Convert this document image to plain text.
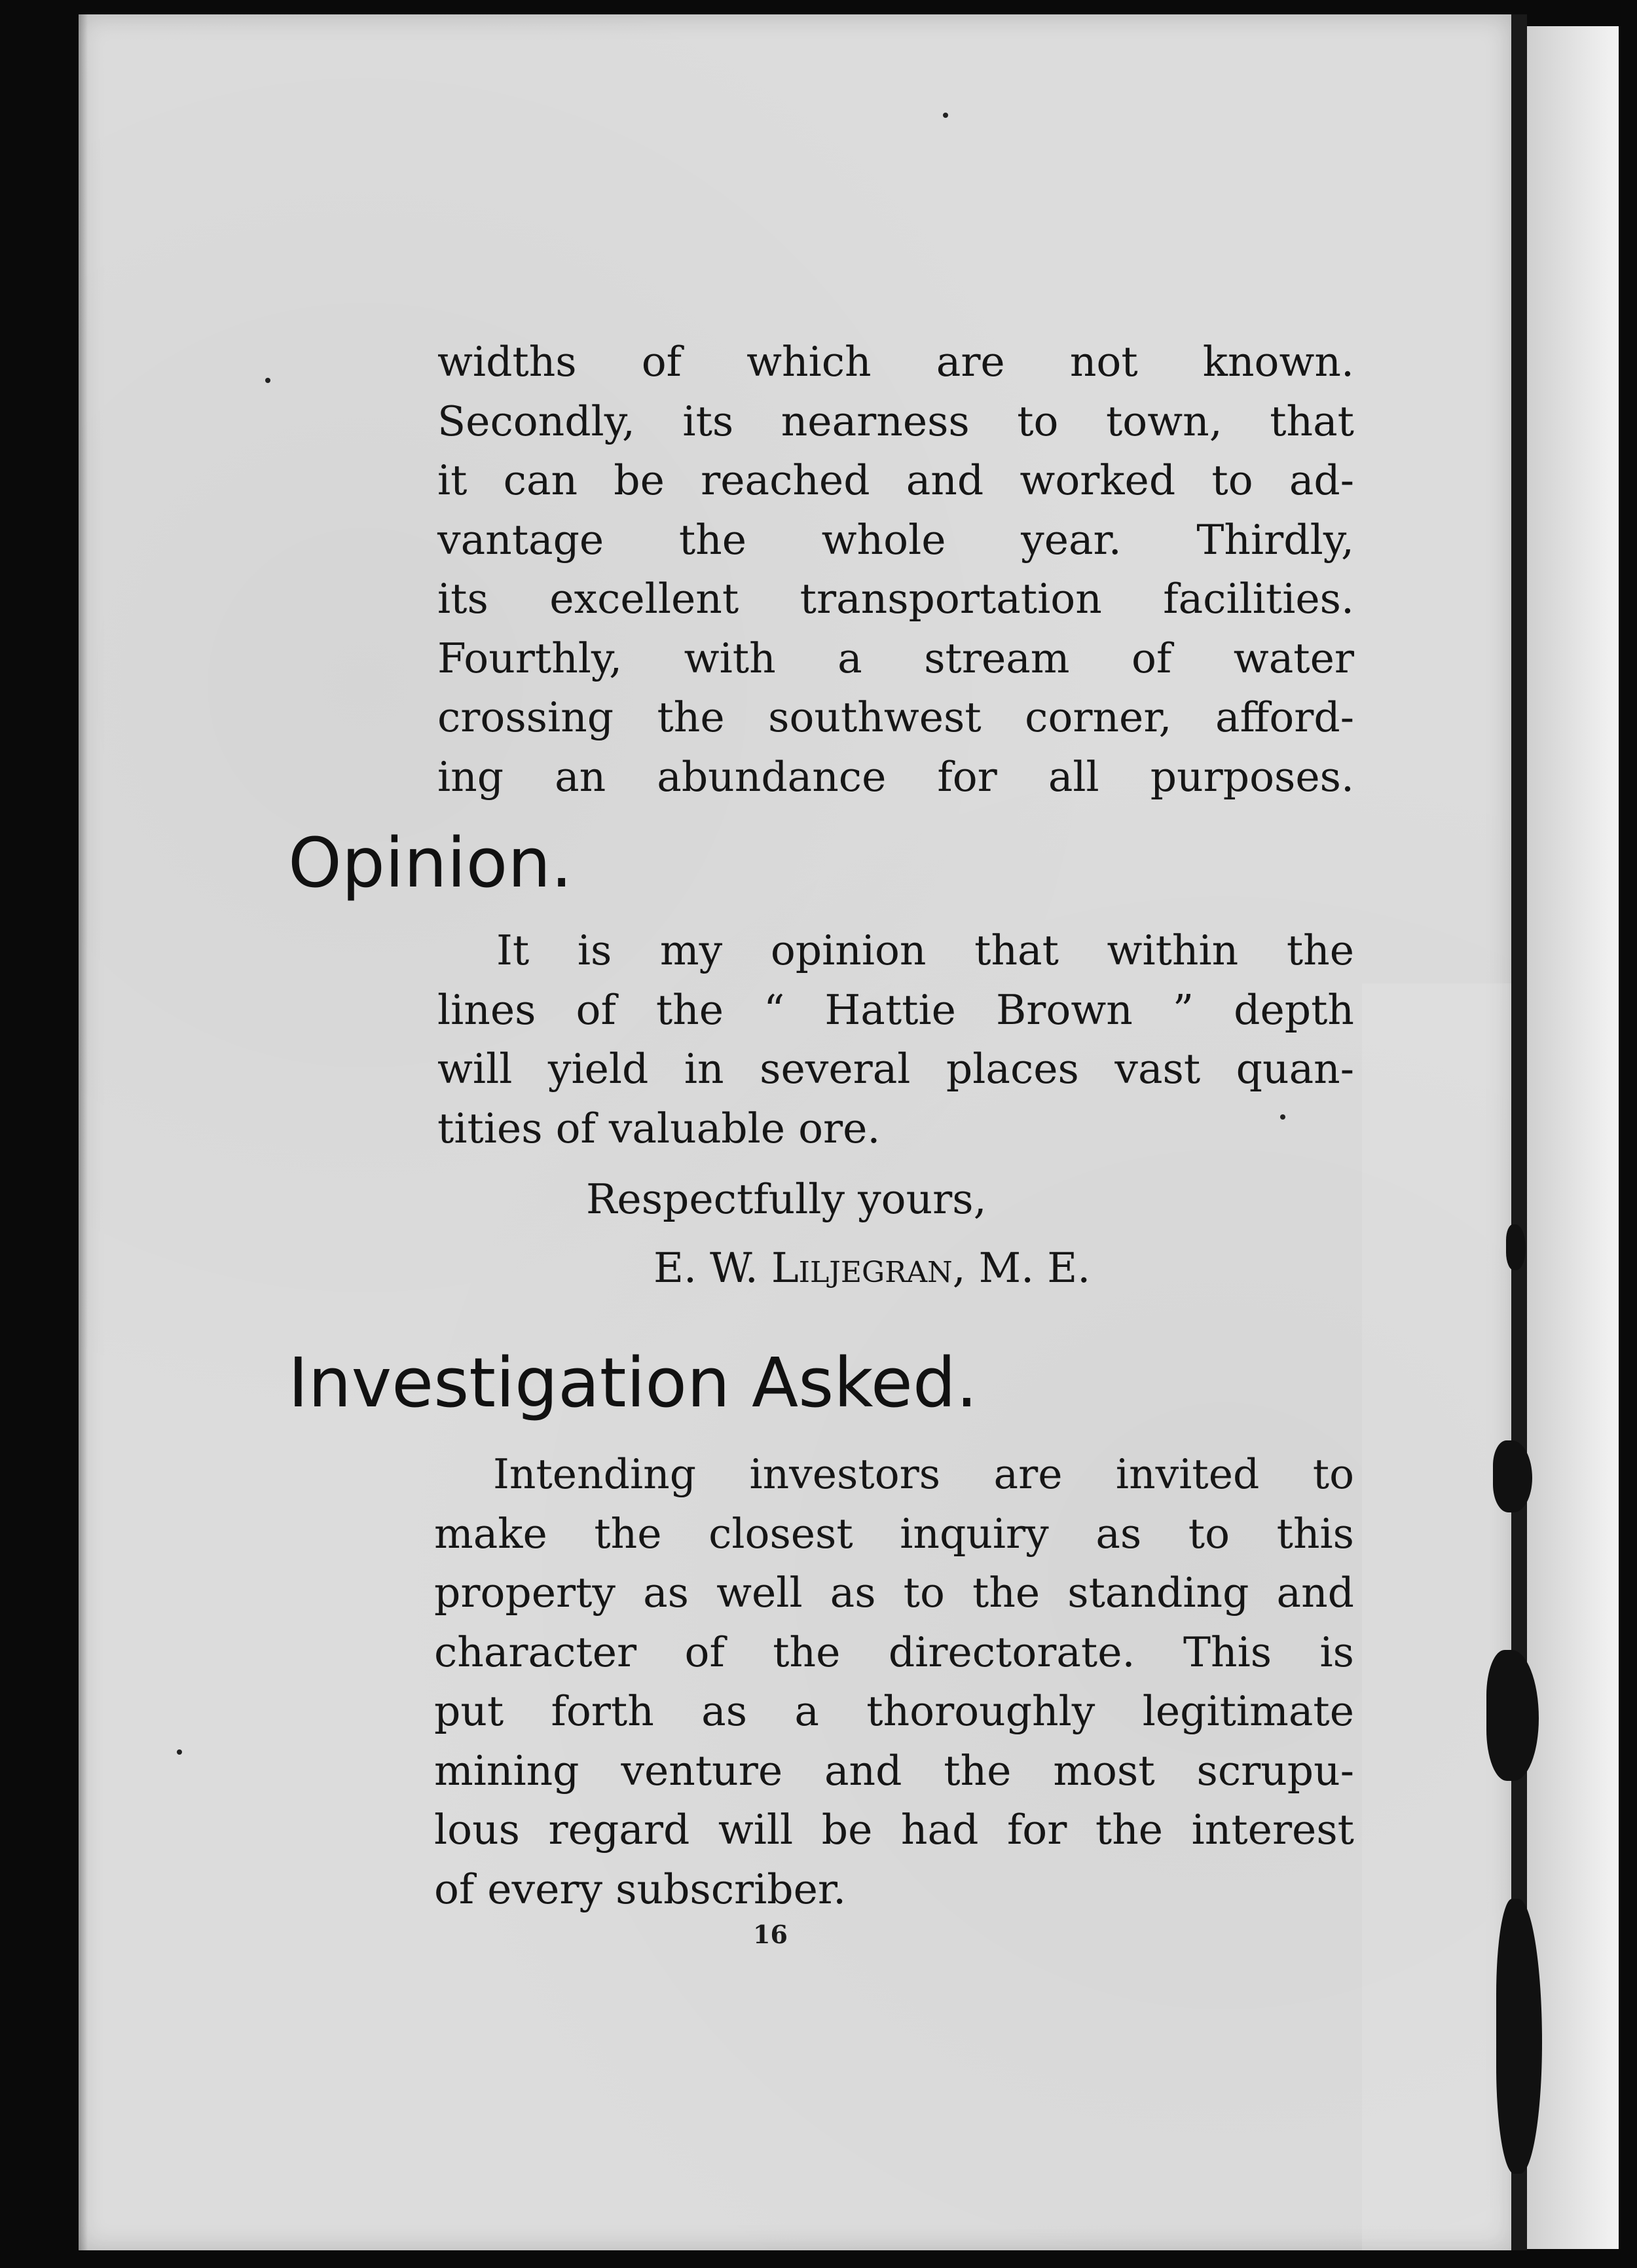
widths of which are not known.
Secondly, its nearness to town, that
it can be reached and worked to ad-
vantage the whole year. Thirdly,
its excellent transportation facilities.
Fourthly, with a stream of water
crossing the southwest corner, afford-
ing an abundance for all purposes.
Opinion.
It is my opinion that within the
lines of the “ Hattie Brown ” depth
will yield in several places vast quan-
tities of valuable ore.
Respectfully yours,
E. W. Liljegran, M. E.
Investigation Asked.
Intending investors are invited to
make the closest inquiry as to this
property as well as to the standing and
character of the directorate. This is
put forth as a thoroughly legitimate
mining venture and the most scrupu-
lous regard will be had for the interest
of every subscriber.
16
